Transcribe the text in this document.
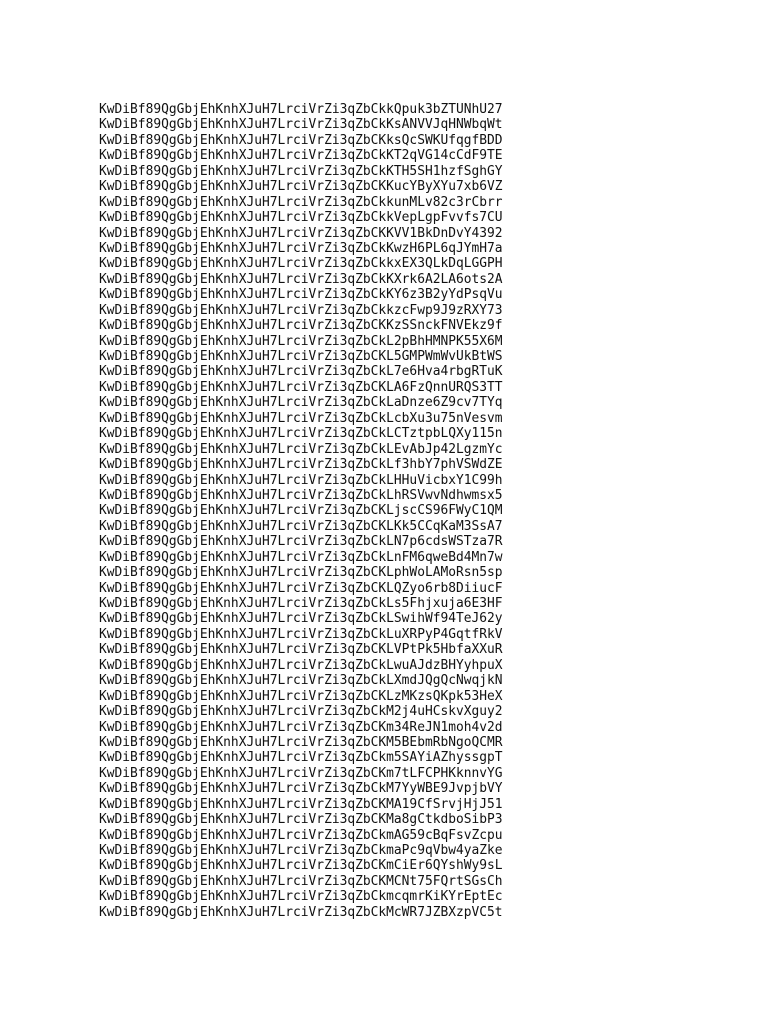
KwDiBf89QgGbjEhKnhXJuH7LrciVrZi3qZbCkkQpuk3bZTUNhU27
KwDiBf89QgGbjEhKnhXJuH7LrciVrZi3qZbCkKsANVVJqHNWbqWt
KwDiBf89QgGbjEhKnhXJuH7LrciVrZi3qZbCKksQcSWKUfqgfBDD
KwDiBf89QgGbjEhKnhXJuH7LrciVrZi3qZbCkKT2qVG14cCdF9TE
KwDiBf89QgGbjEhKnhXJuH7LrciVrZi3qZbCkKTH5SH1hzfSghGY
KwDiBf89QgGbjEhKnhXJuH7LrciVrZi3qZbCKKucYByXYu7xb6VZ
KwDiBf89QgGbjEhKnhXJuH7LrciVrZi3qZbCkkunMLv82c3rCbrr
KwDiBf89QgGbjEhKnhXJuH7LrciVrZi3qZbCkkVepLgpFvvfs7CU
KwDiBf89QgGbjEhKnhXJuH7LrciVrZi3qZbCKKVV1BkDnDvY4392
KwDiBf89QgGbjEhKnhXJuH7LrciVrZi3qZbCkKwzH6PL6qJYmH7a
KwDiBf89QgGbjEhKnhXJuH7LrciVrZi3qZbCkkxEX3QLkDqLGGPH
KwDiBf89QgGbjEhKnhXJuH7LrciVrZi3qZbCkKXrk6A2LA6ots2A
KwDiBf89QgGbjEhKnhXJuH7LrciVrZi3qZbCkKY6z3B2yYdPsqVu
KwDiBf89QgGbjEhKnhXJuH7LrciVrZi3qZbCkkzcFwp9J9zRXY73
KwDiBf89QgGbjEhKnhXJuH7LrciVrZi3qZbCKKzSSnckFNVEkz9f
KwDiBf89QgGbjEhKnhXJuH7LrciVrZi3qZbCkL2pBhHMNPK55X6M
KwDiBf89QgGbjEhKnhXJuH7LrciVrZi3qZbCKL5GMPWmWvUkBtWS
KwDiBf89QgGbjEhKnhXJuH7LrciVrZi3qZbCkL7e6Hva4rbgRTuK
KwDiBf89QgGbjEhKnhXJuH7LrciVrZi3qZbCKLA6FzQnnURQS3TT
KwDiBf89QgGbjEhKnhXJuH7LrciVrZi3qZbCkLaDnze6Z9cv7TYq
KwDiBf89QgGbjEhKnhXJuH7LrciVrZi3qZbCkLcbXu3u75nVesvm
KwDiBf89QgGbjEhKnhXJuH7LrciVrZi3qZbCkLCTztpbLQXy115n
KwDiBf89QgGbjEhKnhXJuH7LrciVrZi3qZbCkLEvAbJp42LgzmYc
KwDiBf89QgGbjEhKnhXJuH7LrciVrZi3qZbCkLf3hbY7phVSWdZE
KwDiBf89QgGbjEhKnhXJuH7LrciVrZi3qZbCkLHHuVicbxY1C99h
KwDiBf89QgGbjEhKnhXJuH7LrciVrZi3qZbCkLhRSVwvNdhwmsx5
KwDiBf89QgGbjEhKnhXJuH7LrciVrZi3qZbCKLjscCS96FWyC1QM
KwDiBf89QgGbjEhKnhXJuH7LrciVrZi3qZbCKLKk5CCqKaM3SsA7
KwDiBf89QgGbjEhKnhXJuH7LrciVrZi3qZbCkLN7p6cdsWSTza7R
KwDiBf89QgGbjEhKnhXJuH7LrciVrZi3qZbCkLnFM6qweBd4Mn7w
KwDiBf89QgGbjEhKnhXJuH7LrciVrZi3qZbCKLphWoLAMoRsn5sp
KwDiBf89QgGbjEhKnhXJuH7LrciVrZi3qZbCKLQZyo6rb8DiiucF
KwDiBf89QgGbjEhKnhXJuH7LrciVrZi3qZbCkLs5Fhjxuja6E3HF
KwDiBf89QgGbjEhKnhXJuH7LrciVrZi3qZbCkLSwihWf94TeJ62y
KwDiBf89QgGbjEhKnhXJuH7LrciVrZi3qZbCkLuXRPyP4GqtfRkV
KwDiBf89QgGbjEhKnhXJuH7LrciVrZi3qZbCKLVPtPk5HbfaXXuR
KwDiBf89QgGbjEhKnhXJuH7LrciVrZi3qZbCkLwuAJdzBHYyhpuX
KwDiBf89QgGbjEhKnhXJuH7LrciVrZi3qZbCkLXmdJQgQcNwqjkN
KwDiBf89QgGbjEhKnhXJuH7LrciVrZi3qZbCKLzMKzsQKpk53HeX
KwDiBf89QgGbjEhKnhXJuH7LrciVrZi3qZbCkM2j4uHCskvXguy2
KwDiBf89QgGbjEhKnhXJuH7LrciVrZi3qZbCKm34ReJN1moh4v2d
KwDiBf89QgGbjEhKnhXJuH7LrciVrZi3qZbCKM5BEbmRbNgoQCMR
KwDiBf89QgGbjEhKnhXJuH7LrciVrZi3qZbCkm5SAYiAZhyssgpT
KwDiBf89QgGbjEhKnhXJuH7LrciVrZi3qZbCKm7tLFCPHKknnvYG
KwDiBf89QgGbjEhKnhXJuH7LrciVrZi3qZbCkM7YyWBE9JvpjbVY
KwDiBf89QgGbjEhKnhXJuH7LrciVrZi3qZbCKMA19CfSrvjHjJ51
KwDiBf89QgGbjEhKnhXJuH7LrciVrZi3qZbCKMa8gCtkdboSibP3
KwDiBf89QgGbjEhKnhXJuH7LrciVrZi3qZbCkmAG59cBqFsvZcpu
KwDiBf89QgGbjEhKnhXJuH7LrciVrZi3qZbCkmaPc9qVbw4yaZke
KwDiBf89QgGbjEhKnhXJuH7LrciVrZi3qZbCKmCiEr6QYshWy9sL
KwDiBf89QgGbjEhKnhXJuH7LrciVrZi3qZbCKMCNt75FQrtSGsCh
KwDiBf89QgGbjEhKnhXJuH7LrciVrZi3qZbCkmcqmrKiKYrEptEc
KwDiBf89QgGbjEhKnhXJuH7LrciVrZi3qZbCkMcWR7JZBXzpVC5t
